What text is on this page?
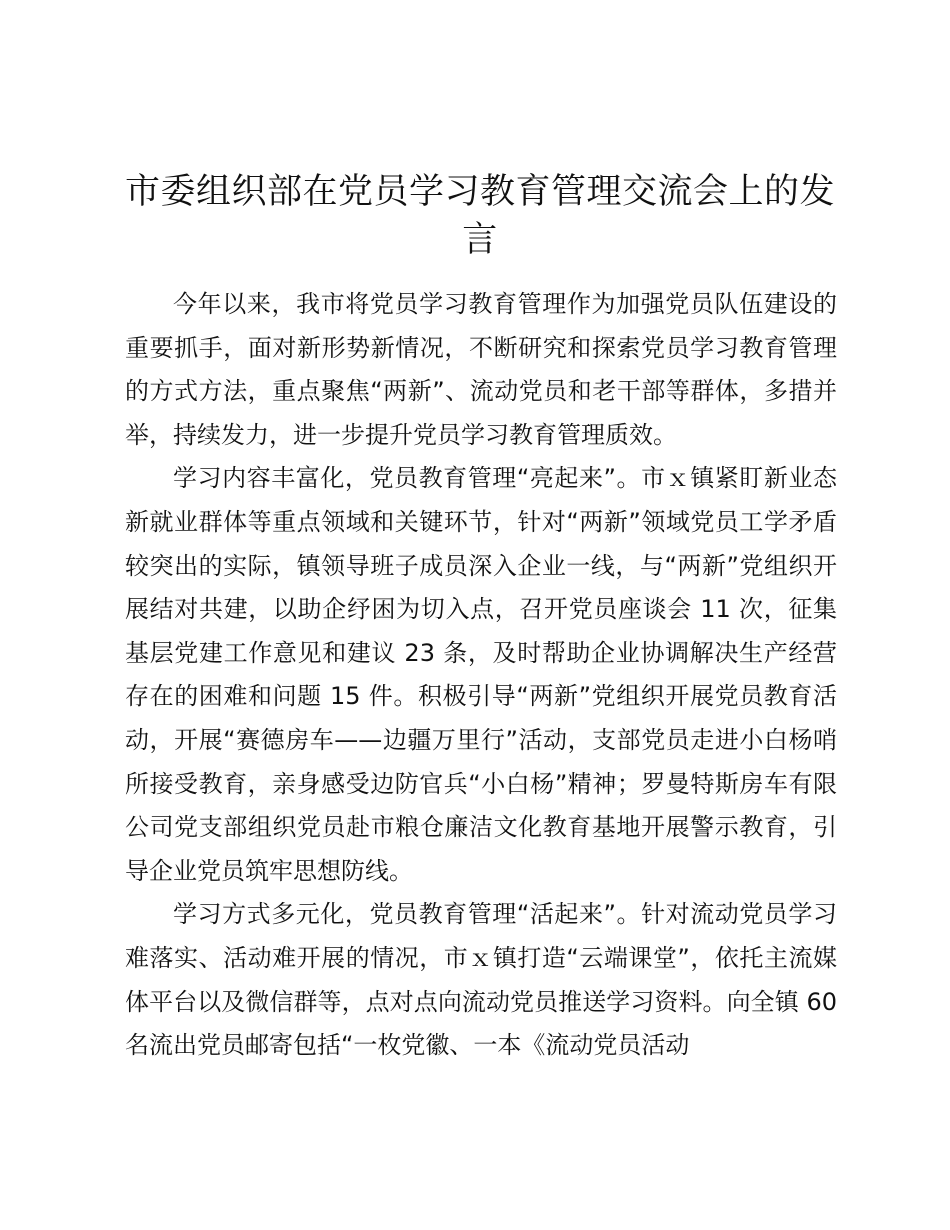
市委组织部在党员学习教育管理交流会上的发言

今年以来，我市将党员学习教育管理作为加强党员队伍建设的重要抓手，面对新形势新情况，不断研究和探索党员学习教育管理的方式方法，重点聚焦“两新”、流动党员和老干部等群体，多措并举，持续发力，进一步提升党员学习教育管理质效。

学习内容丰富化，党员教育管理“亮起来”。市ｘ镇紧盯新业态新就业群体等重点领域和关键环节，针对“两新”领域党员工学矛盾较突出的实际，镇领导班子成员深入企业一线，与“两新”党组织开展结对共建，以助企纾困为切入点，召开党员座谈会 11 次，征集基层党建工作意见和建议 23 条，及时帮助企业协调解决生产经营存在的困难和问题 15 件。积极引导“两新”党组织开展党员教育活动，开展“赛德房车——边疆万里行”活动，支部党员走进小白杨哨所接受教育，亲身感受边防官兵“小白杨”精神；罗曼特斯房车有限公司党支部组织党员赴市粮仓廉洁文化教育基地开展警示教育，引导企业党员筑牢思想防线。

学习方式多元化，党员教育管理“活起来”。针对流动党员学习难落实、活动难开展的情况，市ｘ镇打造“云端课堂”，依托主流媒体平台以及微信群等，点对点向流动党员推送学习资料。向全镇 60 名流出党员邮寄包括“一枚党徽、一本《流动党员活动
